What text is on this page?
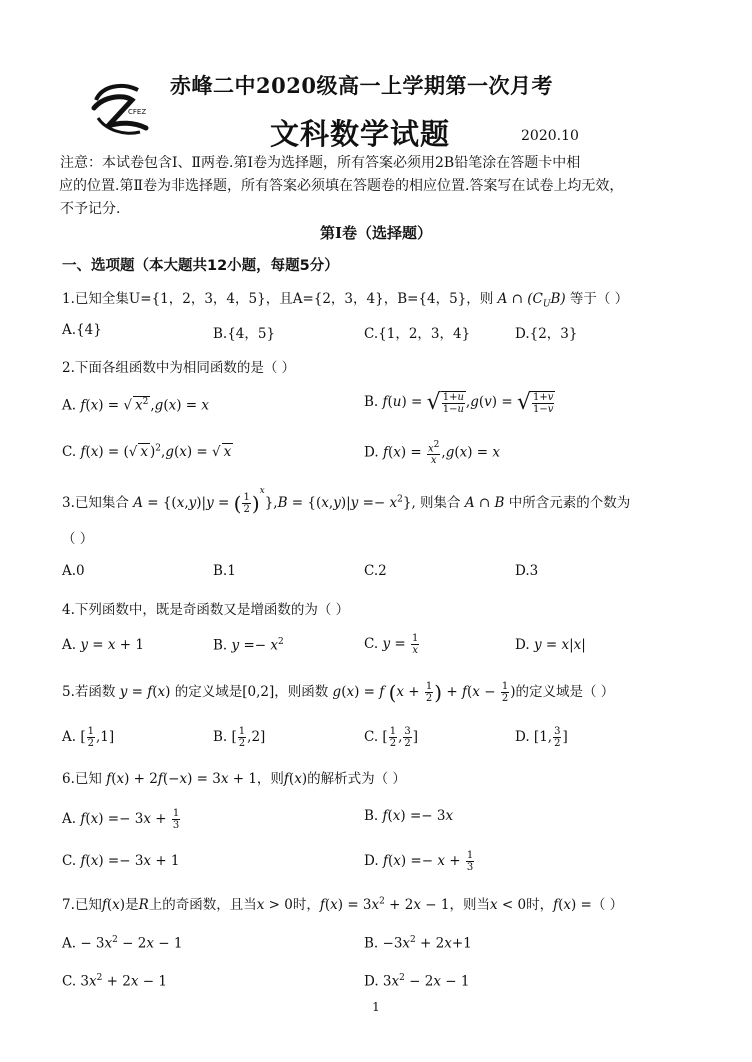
CFEZ
赤峰二中2020级高一上学期第一次月考
文科数学试题	2020.10
注意：本试卷包含Ⅰ、Ⅱ两卷.第Ⅰ卷为选择题，所有答案必须用2B铅笔涂在答题卡中相
应的位置.第Ⅱ卷为非选择题，所有答案必须填在答题卷的相应位置.答案写在试卷上均无效，
不予记分.
第Ⅰ卷（选择题）
一、选项题（本大题共12小题，每题5分）
1.已知全集U={1，2，3，4，5}，且A={2，3，4}，B={4，5}，则 A ∩ $(C_UB)$ 等于（ ）
A.{4}	B.{4，5}	C.{1，2，3，4}	D.{2，3}
2.下面各组函数中为相同函数的是（ ）
A. f(x) = √ $x^2$ ,g(x) = x	B. f(u) = √ $\frac{1+u}{1-u} ,g(v)$ = √ $\frac{1+v}{1-v}$
C. f(x) = (√ x )$^2$,g(x) = √ x	D. $f(x) = \frac{x^2}{x} ,g(x) = x$
3.已知集合 A = {(x,y)|y = ( $\frac{1}{2} )^x\},B = \{(x,y)|y =- x^2\}$, 则集合 A ∩ B 中所含元素的个数为
（ ）
A.0	B.1	C.2	D.3
4.下列函数中，既是奇函数又是增函数的为（ ）
A. y = x + 1	B. $y =- x^2$	C. $y = \frac{1}{x}$	D. y = x|x|
5.若函数 y = f(x) 的定义域是[0,2]，则函数 g(x) = f ($x + \frac{1}{2}$ ) + $f(x - \frac{1}{2}$ )的定义域是（ ）
A. [ $\frac{1}{2} ,1$]	B. [ $\frac{1}{2} ,2$]	C. [ $\frac{1}{2}$ , $\frac{3}{2}$ ]	D. [1, $\frac{3}{2}$ ]
6.已知 f(x) + 2f(−x) = 3x + 1，则f(x)的解析式为（ ）
A. $f(x) =- 3x + \frac{1}{3}$	B. f(x) =− 3x
C. f(x) =− 3x + 1	D. $f(x) =- x + \frac{1}{3}$
7.已知f(x)是R上的奇函数，且当x > 0时，$f(x) = 3x^2 + 2x - 1$，则当x < 0时，f(x) =（ ）
A. − $3x^2 - 2x - 1$	B. $-3x^2 + 2x+1$
C. $3x^2 + 2x - 1$	D. $3x^2 - 2x - 1$
1
